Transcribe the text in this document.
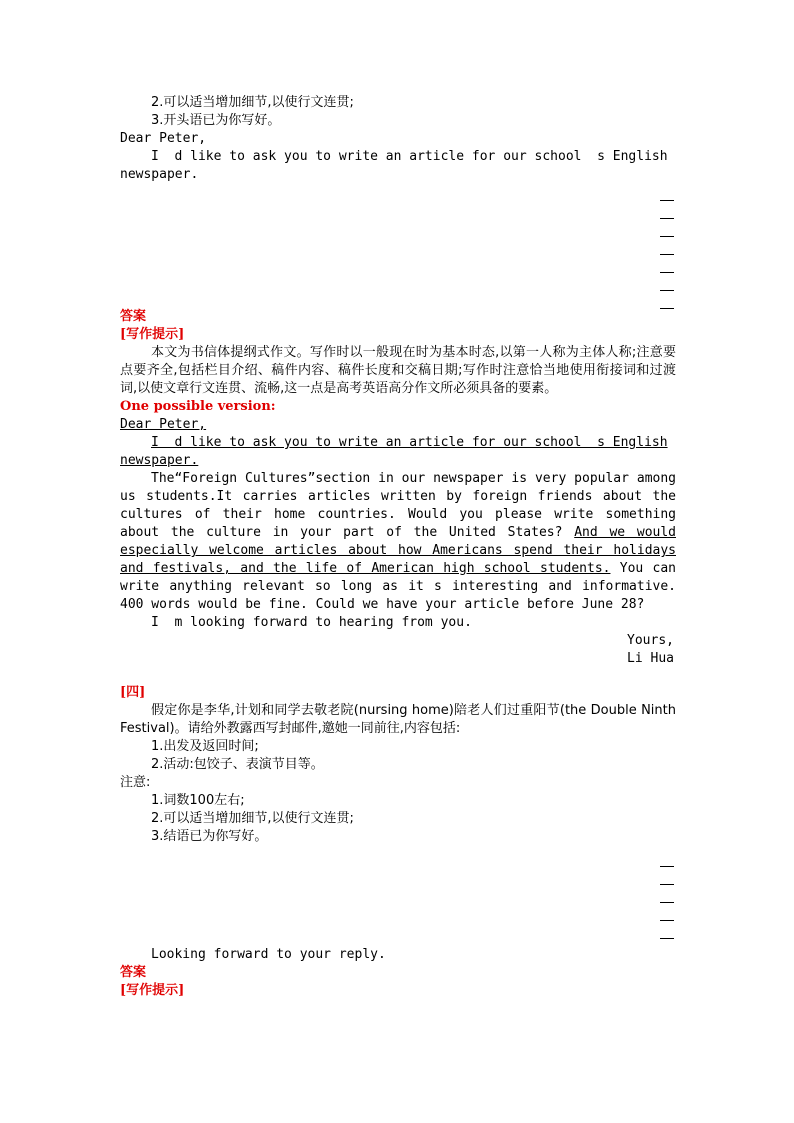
2.可以适当增加细节,以使行文连贯;
3.开头语已为你写好。
Dear Peter,
I  d like to ask you to write an article for our school  s English
newspaper.
答案
[写作提示]
本文为书信体提纲式作文。写作时以一般现在时为基本时态,以第一人称为主体人称;注意要点要齐全,包括栏目介绍、稿件内容、稿件长度和交稿日期;写作时注意恰当地使用衔接词和过渡词,以使文章行文连贯、流畅,这一点是高考英语高分作文所必须具备的要素。
One possible version:
Dear Peter,
I  d like to ask you to write an article for our school  s English
newspaper.
The“Foreign Cultures”section in our newspaper is very popular among us students.It carries articles written by foreign friends about the cultures of their home countries. Would you please write something about the culture in your part of the United States? And we would especially welcome articles about how Americans spend their holidays and festivals, and the life of American high school students. You can write anything relevant so long as it s interesting and informative. 400 words would be fine. Could we have your article before June 28?
I  m looking forward to hearing from you.
Yours,
Li Hua
[四]
假定你是李华,计划和同学去敬老院(nursing home)陪老人们过重阳节(the Double Ninth Festival)。请给外教露西写封邮件,邀她一同前往,内容包括:
1.出发及返回时间;
2.活动:包饺子、表演节目等。
注意:
1.词数100左右;
2.可以适当增加细节,以使行文连贯;
3.结语已为你写好。
Looking forward to your reply.
答案
[写作提示]
